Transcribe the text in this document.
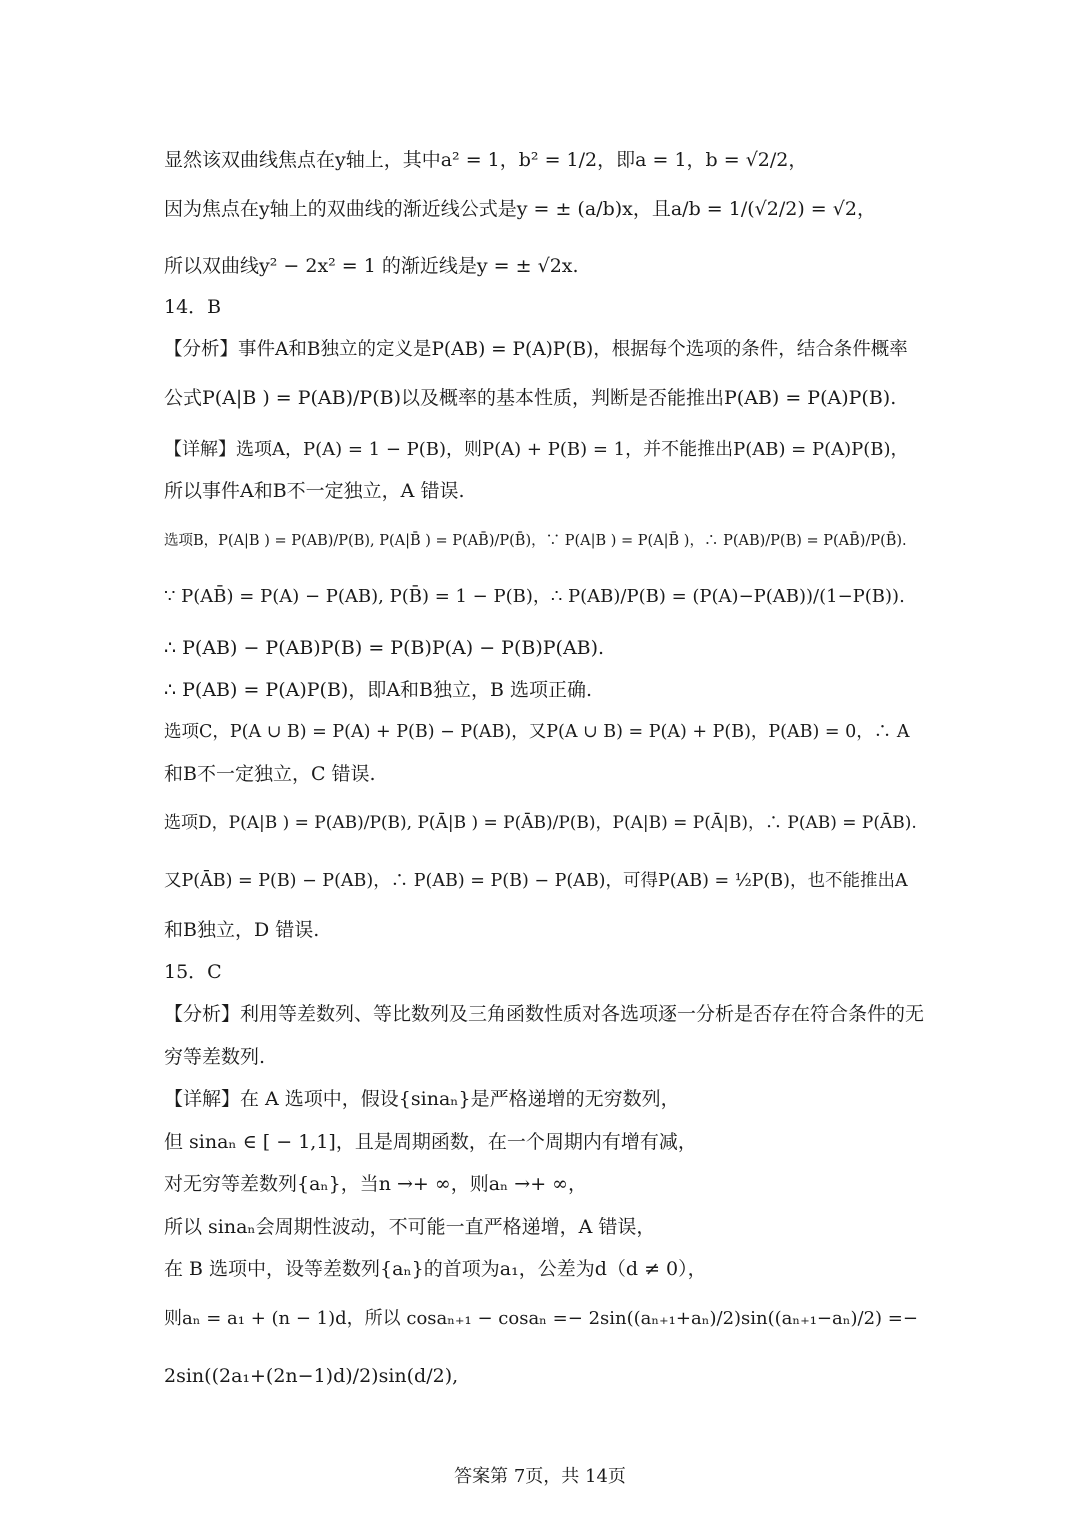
显然该双曲线焦点在y轴上，其中a² = 1，b² = 1/2，即a = 1，b = √2/2，
因为焦点在y轴上的双曲线的渐近线公式是y = ± (a/b)x，且a/b = 1/(√2/2) = √2，
所以双曲线y² − 2x² = 1 的渐近线是y = ± √2x.
14．B
【分析】事件A和B独立的定义是P(AB) = P(A)P(B)，根据每个选项的条件，结合条件概率
公式P(A|B ) = P(AB)/P(B)以及概率的基本性质，判断是否能推出P(AB) = P(A)P(B).
【详解】选项A，P(A) = 1 − P(B)，则P(A) + P(B) = 1，并不能推出P(AB) = P(A)P(B)，
所以事件A和B不一定独立，A 错误.
选项B，P(A|B ) = P(AB)/P(B), P(A|B̄ ) = P(AB̄)/P(B̄)，∵ P(A|B ) = P(A|B̄ )，∴ P(AB)/P(B) = P(AB̄)/P(B̄).
∵ P(AB̄) = P(A) − P(AB), P(B̄) = 1 − P(B)，∴ P(AB)/P(B) = (P(A)−P(AB))/(1−P(B)).
∴ P(AB) − P(AB)P(B) = P(B)P(A) − P(B)P(AB).
∴ P(AB) = P(A)P(B)，即A和B独立，B 选项正确.
选项C，P(A ∪ B) = P(A) + P(B) − P(AB)，又P(A ∪ B) = P(A) + P(B)，P(AB) = 0，∴ A
和B不一定独立，C 错误.
选项D，P(A|B ) = P(AB)/P(B), P(Ā|B ) = P(ĀB)/P(B)，P(A|B) = P(Ā|B)，∴ P(AB) = P(ĀB).
又P(ĀB) = P(B) − P(AB)，∴ P(AB) = P(B) − P(AB)，可得P(AB) = ½P(B)，也不能推出A
和B独立，D 错误.
15．C
【分析】利用等差数列、等比数列及三角函数性质对各选项逐一分析是否存在符合条件的无
穷等差数列.
【详解】在 A 选项中，假设{sinaₙ}是严格递增的无穷数列，
但 sinaₙ ∈ [ − 1,1]，且是周期函数，在一个周期内有增有减，
对无穷等差数列{aₙ}，当n →+ ∞，则aₙ →+ ∞，
所以 sinaₙ会周期性波动，不可能一直严格递增，A 错误，
在 B 选项中，设等差数列{aₙ}的首项为a₁，公差为d（d ≠ 0），
则aₙ = a₁ + (n − 1)d，所以 cosaₙ₊₁ − cosaₙ =− 2sin((aₙ₊₁+aₙ)/2)sin((aₙ₊₁−aₙ)/2) =−
2sin((2a₁+(2n−1)d)/2)sin(d/2),
答案第 7页，共 14页
